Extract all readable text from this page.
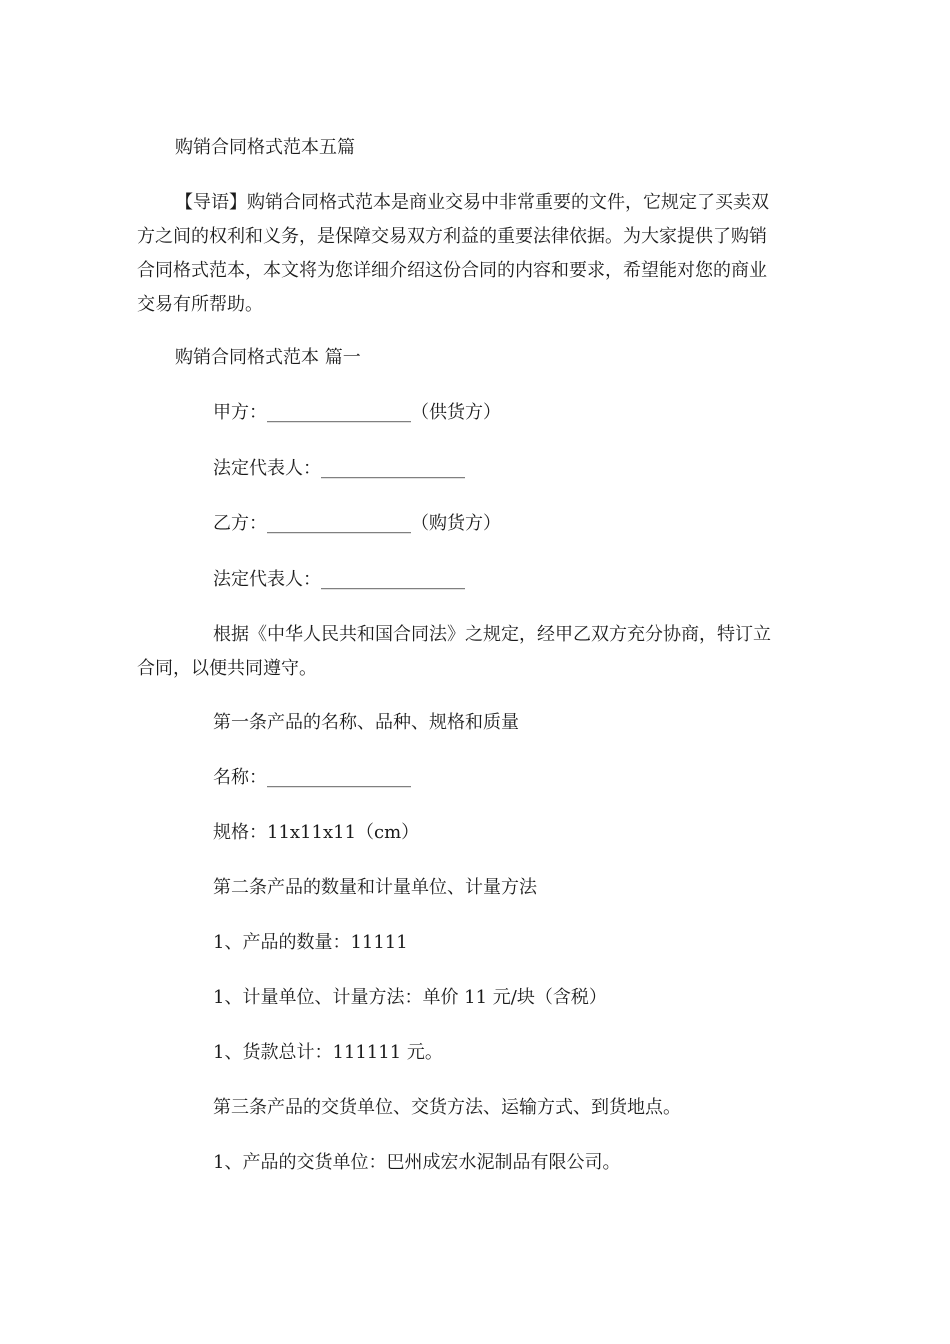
购销合同格式范本五篇

【导语】购销合同格式范本是商业交易中非常重要的文件，它规定了买卖双

方之间的权利和义务，是保障交易双方利益的重要法律依据。为大家提供了购销

合同格式范本，本文将为您详细介绍这份合同的内容和要求，希望能对您的商业

交易有所帮助。

购销合同格式范本 篇一

甲方：________________（供货方）

法定代表人：________________

乙方：________________（购货方）

法定代表人：________________

根据《中华人民共和国合同法》之规定，经甲乙双方充分协商，特订立

合同，以便共同遵守。

第一条产品的名称、品种、规格和质量

名称：________________

规格：11x11x11（cm）

第二条产品的数量和计量单位、计量方法

1、产品的数量：11111

1、计量单位、计量方法：单价 11 元/块（含税）

1、货款总计：111111 元。

第三条产品的交货单位、交货方法、运输方式、到货地点。

1、产品的交货单位：巴州成宏水泥制品有限公司。
